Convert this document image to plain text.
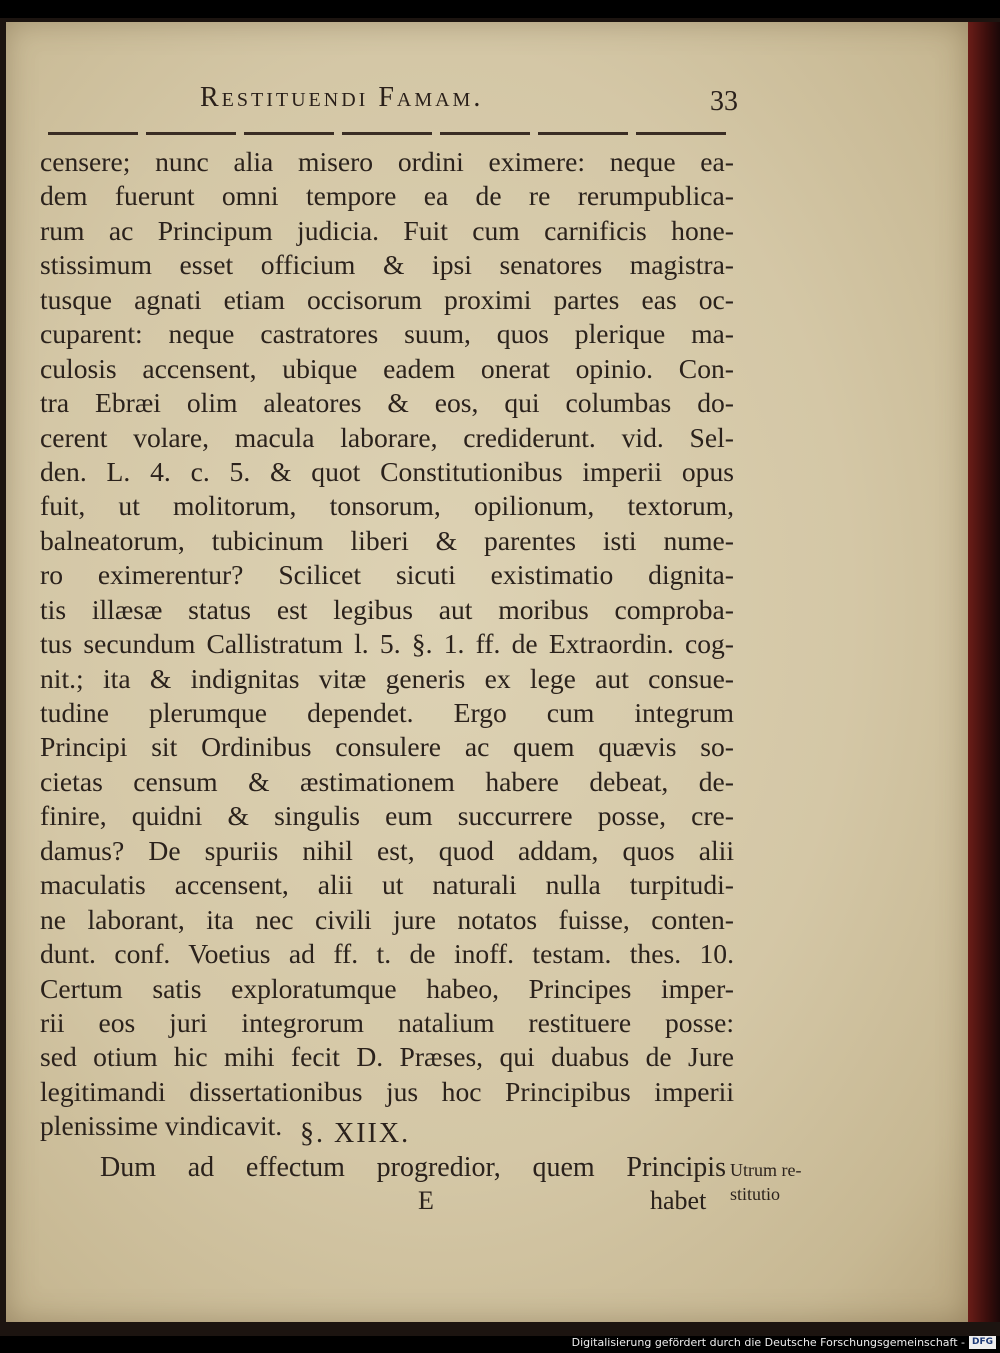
Restituendi Famam.	33
censere; nunc alia misero ordini eximere: neque ea-
dem fuerunt omni tempore ea de re rerumpublica-
rum ac Principum judicia. Fuit cum carnificis hone-
stissimum esset officium & ipsi senatores magistra-
tusque agnati etiam occisorum proximi partes eas oc-
cuparent: neque castratores suum, quos plerique ma-
culosis accensent, ubique eadem onerat opinio. Con-
tra Ebræi olim aleatores & eos, qui columbas do-
cerent volare, macula laborare, crediderunt. vid. Sel-
den. L. 4. c. 5. & quot Constitutionibus imperii opus
fuit, ut molitorum, tonsorum, opilionum, textorum,
balneatorum, tubicinum liberi & parentes isti nume-
ro eximerentur? Scilicet sicuti existimatio dignita-
tis illæsæ status est legibus aut moribus comproba-
tus secundum Callistratum l. 5. §. 1. ff. de Extraordin. cog-
nit.; ita & indignitas vitæ generis ex lege aut consue-
tudine plerumque dependet. Ergo cum integrum
Principi sit Ordinibus consulere ac quem quævis so-
cietas censum & æstimationem habere debeat, de-
finire, quidni & singulis eum succurrere posse, cre-
damus? De spuriis nihil est, quod addam, quos alii
maculatis accensent, alii ut naturali nulla turpitudi-
ne laborant, ita nec civili jure notatos fuisse, conten-
dunt. conf. Voetius ad ff. t. de inoff. testam. thes. 10.
Certum satis exploratumque habeo, Principes imper-
rii eos juri integrorum natalium restituere posse:
sed otium hic mihi fecit D. Præses, qui duabus de Jure
legitimandi dissertationibus jus hoc Principibus imperii
plenissime vindicavit. §. XIIX.
Dum ad effectum progredior, quem Principis
E	habet
Utrum re-
stitutio
Digitalisierung gefördert durch die Deutsche Forschungsgemeinschaft - DFG
